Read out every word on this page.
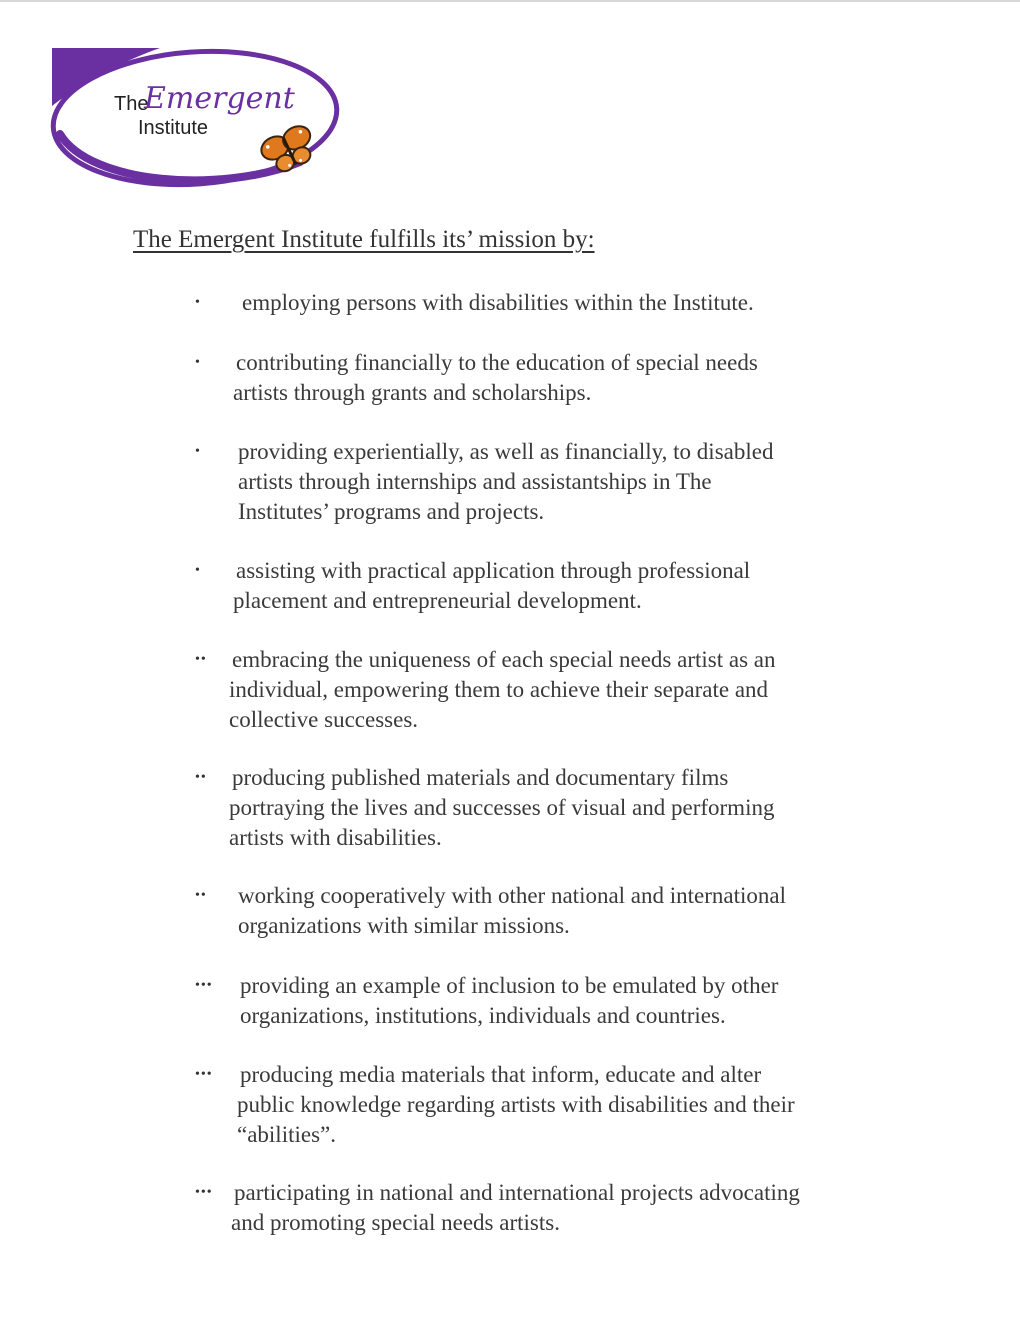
The
Emergent
Institute
The Emergent Institute fulfills its’ mission by:
• employing persons with disabilities within the Institute.
• contributing financially to the education of special needs
artists through grants and scholarships.
• providing experientially, as well as financially, to disabled
artists through internships and assistantships in The
Institutes’ programs and projects.
• assisting with practical application through professional
placement and entrepreneurial development.
•• embracing the uniqueness of each special needs artist as an
individual, empowering them to achieve their separate and
collective successes.
•• producing published materials and documentary films
portraying the lives and successes of visual and performing
artists with disabilities.
•• working cooperatively with other national and international
organizations with similar missions.
••• providing an example of inclusion to be emulated by other
organizations, institutions, individuals and countries.
••• producing media materials that inform, educate and alter
public knowledge regarding artists with disabilities and their
“abilities”.
••• participating in national and international projects advocating
and promoting special needs artists.
